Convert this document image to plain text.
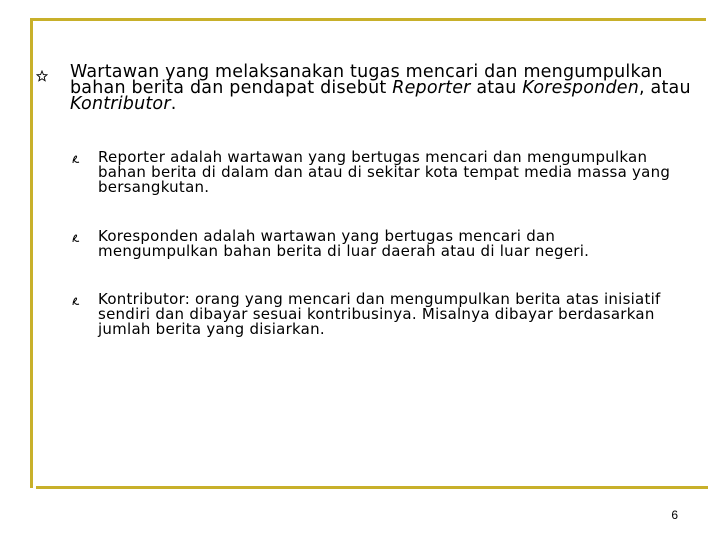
Wartawan yang melaksanakan tugas mencari dan mengumpulkan bahan berita dan pendapat disebut Reporter atau Koresponden, atau Kontributor.

Reporter adalah wartawan yang bertugas mencari dan mengumpulkan bahan berita di dalam dan atau di sekitar kota tempat media massa yang bersangkutan.

Koresponden adalah wartawan yang bertugas mencari dan mengumpulkan bahan berita di luar daerah atau di luar negeri.

Kontributor: orang yang mencari dan mengumpulkan berita atas inisiatif sendiri dan dibayar sesuai kontribusinya. Misalnya dibayar berdasarkan jumlah berita yang disiarkan.

6
